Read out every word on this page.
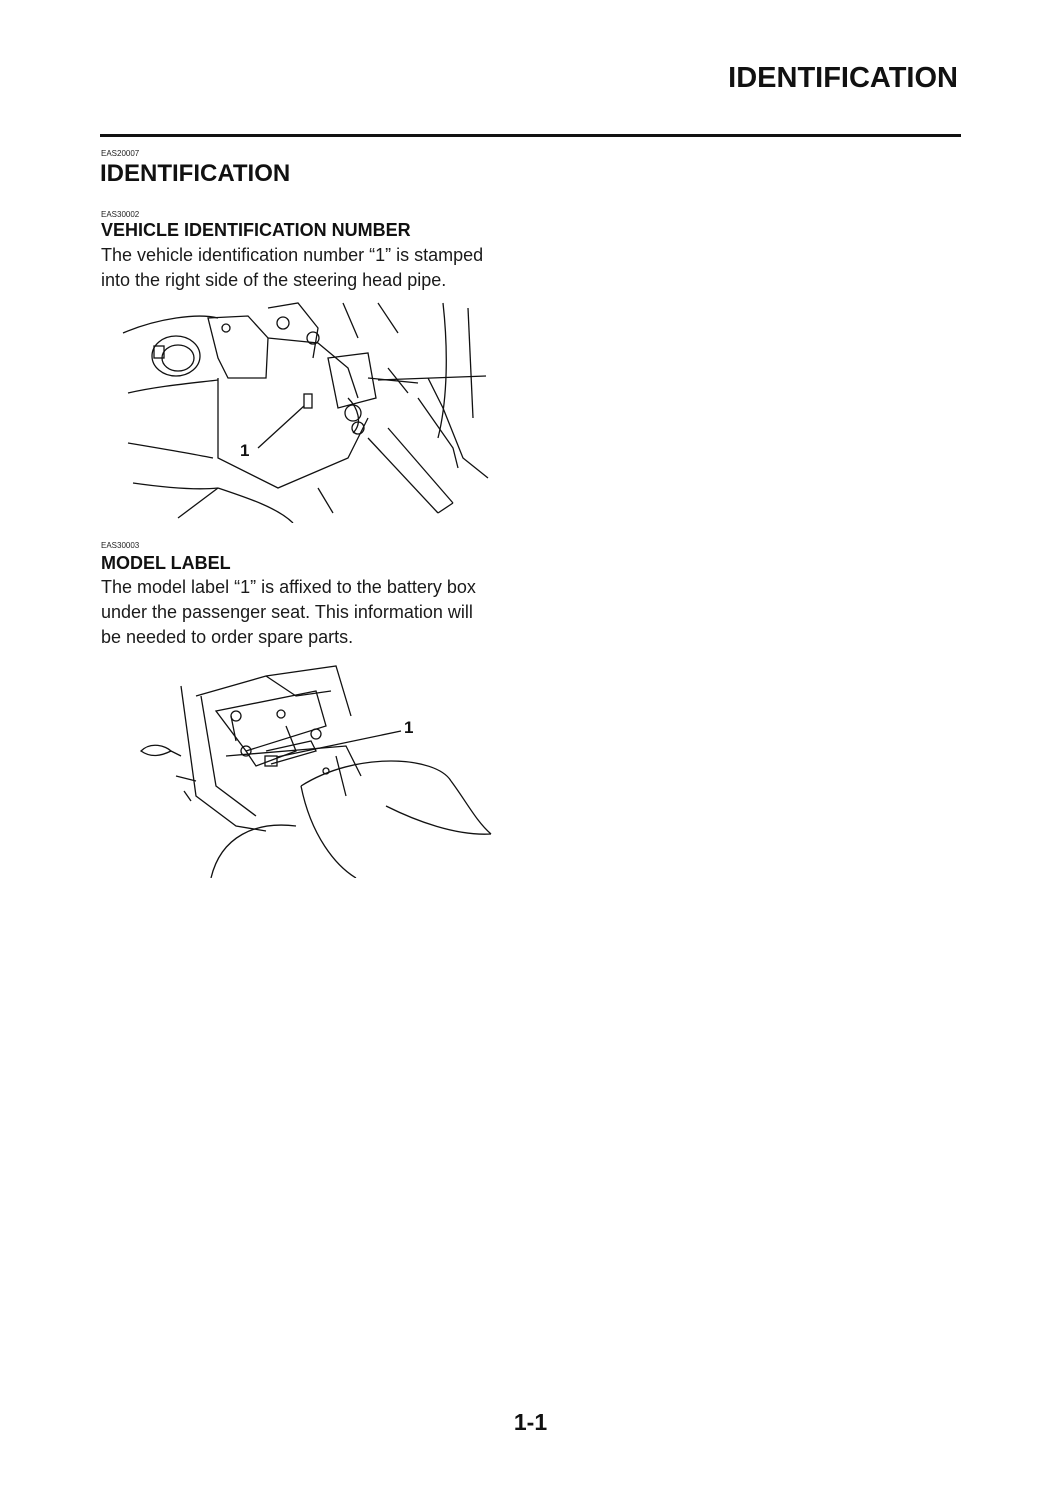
IDENTIFICATION
EAS20007
IDENTIFICATION
EAS30002
VEHICLE IDENTIFICATION NUMBER
The vehicle identification number “1” is stamped
into the right side of the steering head pipe.
1
EAS30003
MODEL LABEL
The model label “1” is affixed to the battery box
under the passenger seat. This information will
be needed to order spare parts.
1
1-1
